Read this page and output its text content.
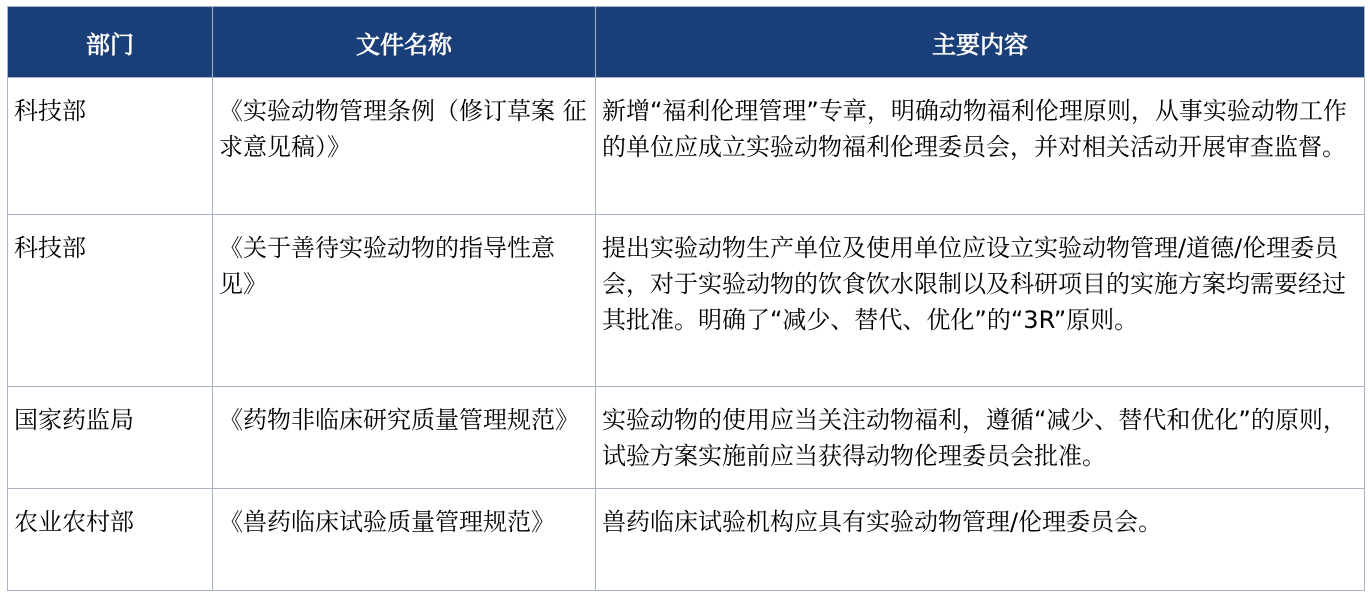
部门	文件名称	主要内容
科技部	《实验动物管理条例（修订草案 征求意见稿）》	新增“福利伦理管理”专章，明确动物福利伦理原则，从事实验动物工作的单位应成立实验动物福利伦理委员会，并对相关活动开展审查监督。
科技部	《关于善待实验动物的指导性意见》	提出实验动物生产单位及使用单位应设立实验动物管理/道德/伦理委员会，对于实验动物的饮食饮水限制以及科研项目的实施方案均需要经过其批准。明确了“减少、替代、优化”的“3R”原则。
国家药监局	《药物非临床研究质量管理规范》	实验动物的使用应当关注动物福利，遵循“减少、替代和优化”的原则，试验方案实施前应当获得动物伦理委员会批准。
农业农村部	《兽药临床试验质量管理规范》	兽药临床试验机构应具有实验动物管理/伦理委员会。
